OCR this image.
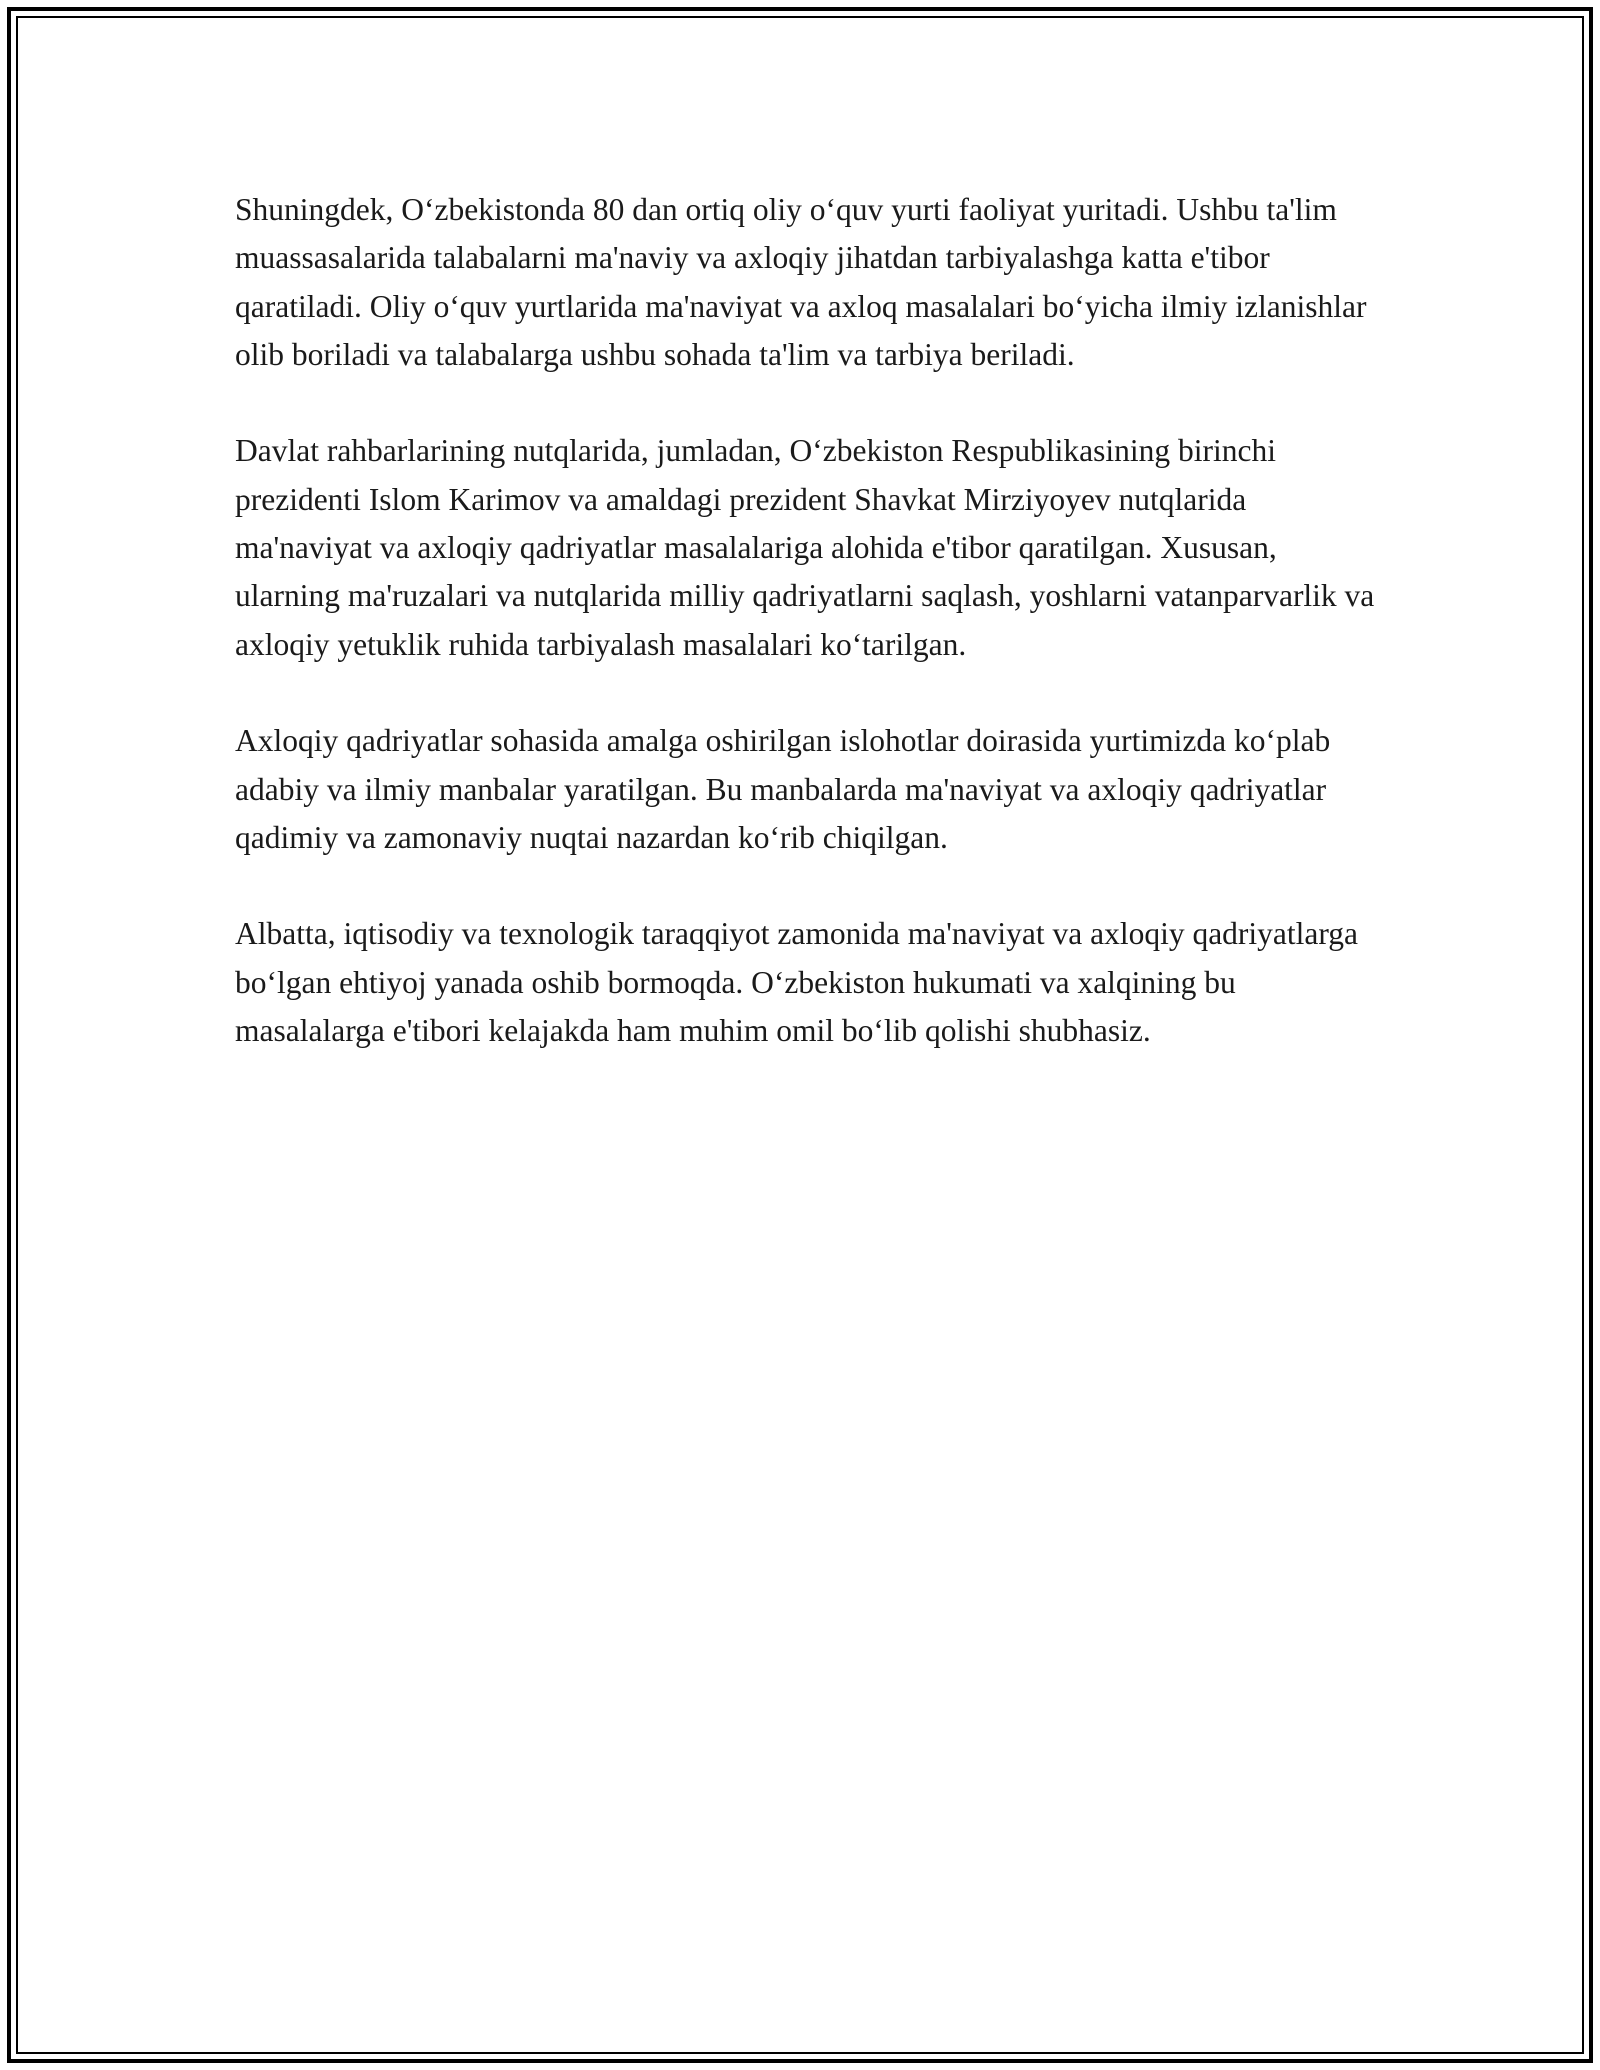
Shuningdek, O‘zbekistonda 80 dan ortiq oliy o‘quv yurti faoliyat yuritadi. Ushbu ta'lim muassasalarida talabalarni ma'naviy va axloqiy jihatdan tarbiyalashga katta e'tibor qaratiladi. Oliy o‘quv yurtlarida ma'naviyat va axloq masalalari bo‘yicha ilmiy izlanishlar olib boriladi va talabalarga ushbu sohada ta'lim va tarbiya beriladi.

Davlat rahbarlarining nutqlarida, jumladan, O‘zbekiston Respublikasining birinchi prezidenti Islom Karimov va amaldagi prezident Shavkat Mirziyoyev nutqlarida ma'naviyat va axloqiy qadriyatlar masalalariga alohida e'tibor qaratilgan. Xususan, ularning ma'ruzalari va nutqlarida milliy qadriyatlarni saqlash, yoshlarni vatanparvarlik va axloqiy yetuklik ruhida tarbiyalash masalalari ko‘tarilgan.

Axloqiy qadriyatlar sohasida amalga oshirilgan islohotlar doirasida yurtimizda ko‘plab adabiy va ilmiy manbalar yaratilgan. Bu manbalarda ma'naviyat va axloqiy qadriyatlar qadimiy va zamonaviy nuqtai nazardan ko‘rib chiqilgan.

Albatta, iqtisodiy va texnologik taraqqiyot zamonida ma'naviyat va axloqiy qadriyatlarga bo‘lgan ehtiyoj yanada oshib bormoqda. O‘zbekiston hukumati va xalqining bu masalalarga e'tibori kelajakda ham muhim omil bo‘lib qolishi shubhasiz.
